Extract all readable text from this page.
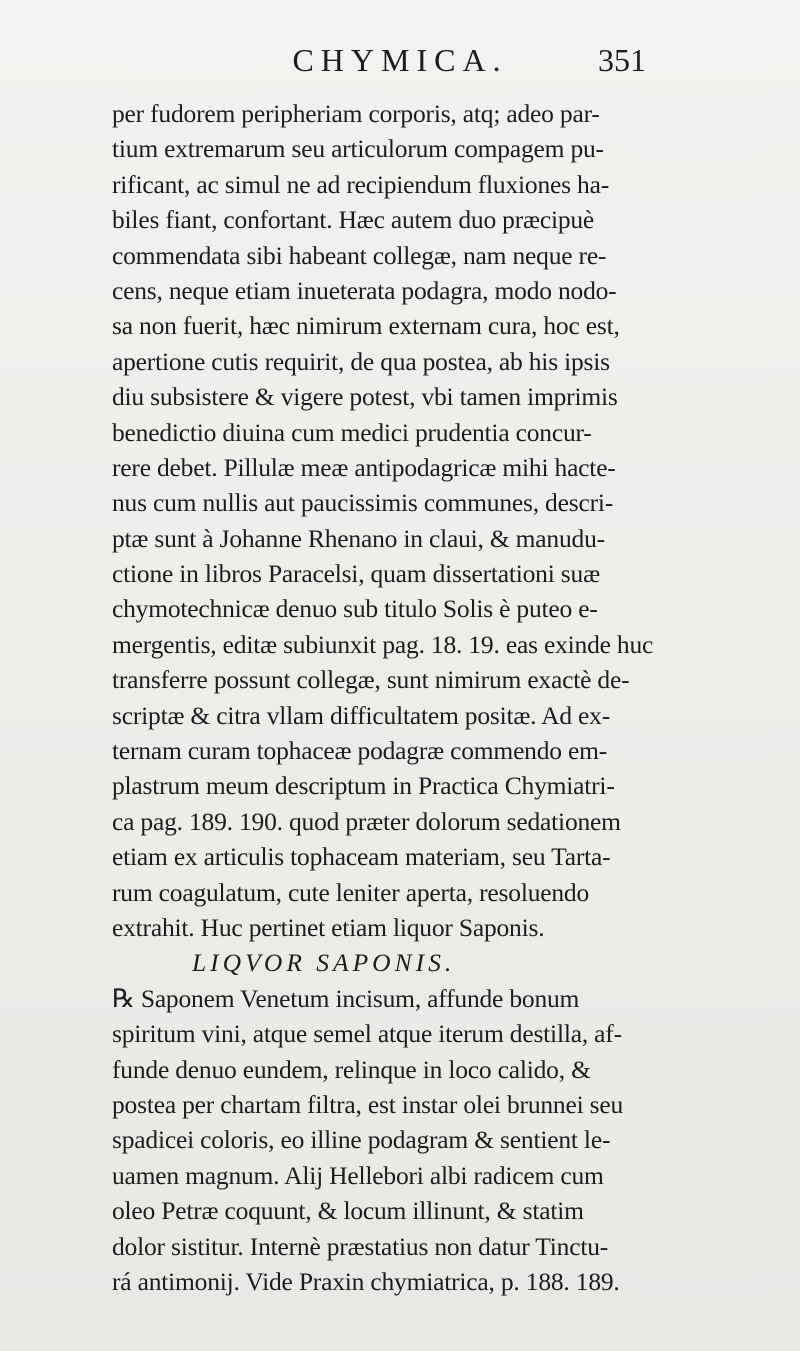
CHYMICA.	351
per fudorem peripheriam corporis, atq; adeo par-
tium extremarum seu articulorum compagem pu-
rificant, ac simul ne ad recipiendum fluxiones ha-
biles fiant, confortant. Hæc autem duo præcipuè
commendata sibi habeant collegæ, nam neque re-
cens, neque etiam inueterata podagra, modo nodo-
sa non fuerit, hæc nimirum externam cura, hoc est,
apertione cutis requirit, de qua postea, ab his ipsis
diu subsistere & vigere potest, vbi tamen imprimis
benedictio diuina cum medici prudentia concur-
rere debet. Pillulæ meæ antipodagricæ mihi hacte-
nus cum nullis aut paucissimis communes, descri-
ptæ sunt à Johanne Rhenano in claui, & manudu-
ctione in libros Paracelsi, quam dissertationi suæ
chymotechnicæ denuo sub titulo Solis è puteo e-
mergentis, editæ subiunxit pag. 18. 19. eas exinde huc
transferre possunt collegæ, sunt nimirum exactè de-
scriptæ & citra vllam difficultatem positæ. Ad ex-
ternam curam tophaceæ podagræ commendo em-
plastrum meum descriptum in Practica Chymiatri-
ca pag. 189. 190. quod præter dolorum sedationem
etiam ex articulis tophaceam materiam, seu Tarta-
rum coagulatum, cute leniter aperta, resoluendo
extrahit. Huc pertinet etiam liquor Saponis.
LIQVOR SAPONIS.
℞ Saponem Venetum incisum, affunde bonum
spiritum vini, atque semel atque iterum destilla, af-
funde denuo eundem, relinque in loco calido, &
postea per chartam filtra, est instar olei brunnei seu
spadicei coloris, eo illine podagram & sentient le-
uamen magnum. Alij Hellebori albi radicem cum
oleo Petræ coquunt, & locum illinunt, & statim
dolor sistitur. Internè præstatius non datur Tinctu-
rá antimonij. Vide Praxin chymiatrica, p. 188. 189.
